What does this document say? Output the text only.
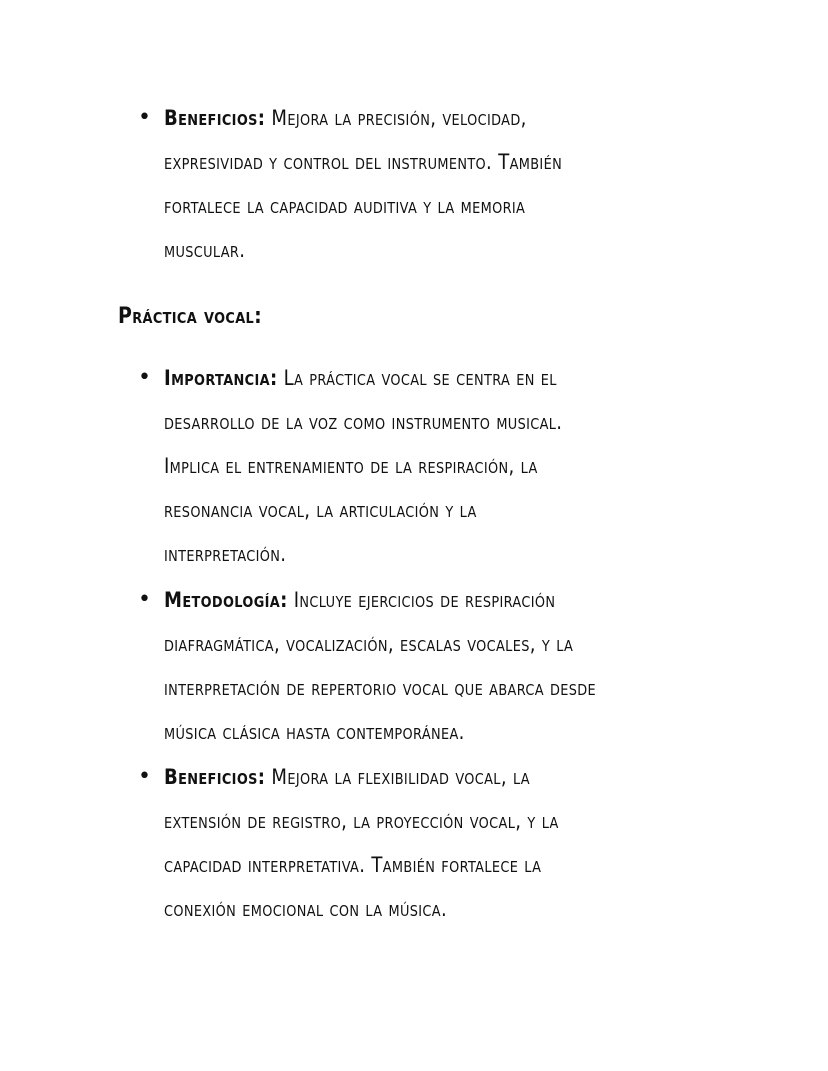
• Beneficios: Mejora la precisión, velocidad,
expresividad y control del instrumento. También
fortalece la capacidad auditiva y la memoria
muscular.
Práctica vocal:
• Importancia: La práctica vocal se centra en el
desarrollo de la voz como instrumento musical.
Implica el entrenamiento de la respiración, la
resonancia vocal, la articulación y la
interpretación.
• Metodología: Incluye ejercicios de respiración
diafragmática, vocalización, escalas vocales, y la
interpretación de repertorio vocal que abarca desde
música clásica hasta contemporánea.
• Beneficios: Mejora la flexibilidad vocal, la
extensión de registro, la proyección vocal, y la
capacidad interpretativa. También fortalece la
conexión emocional con la música.
